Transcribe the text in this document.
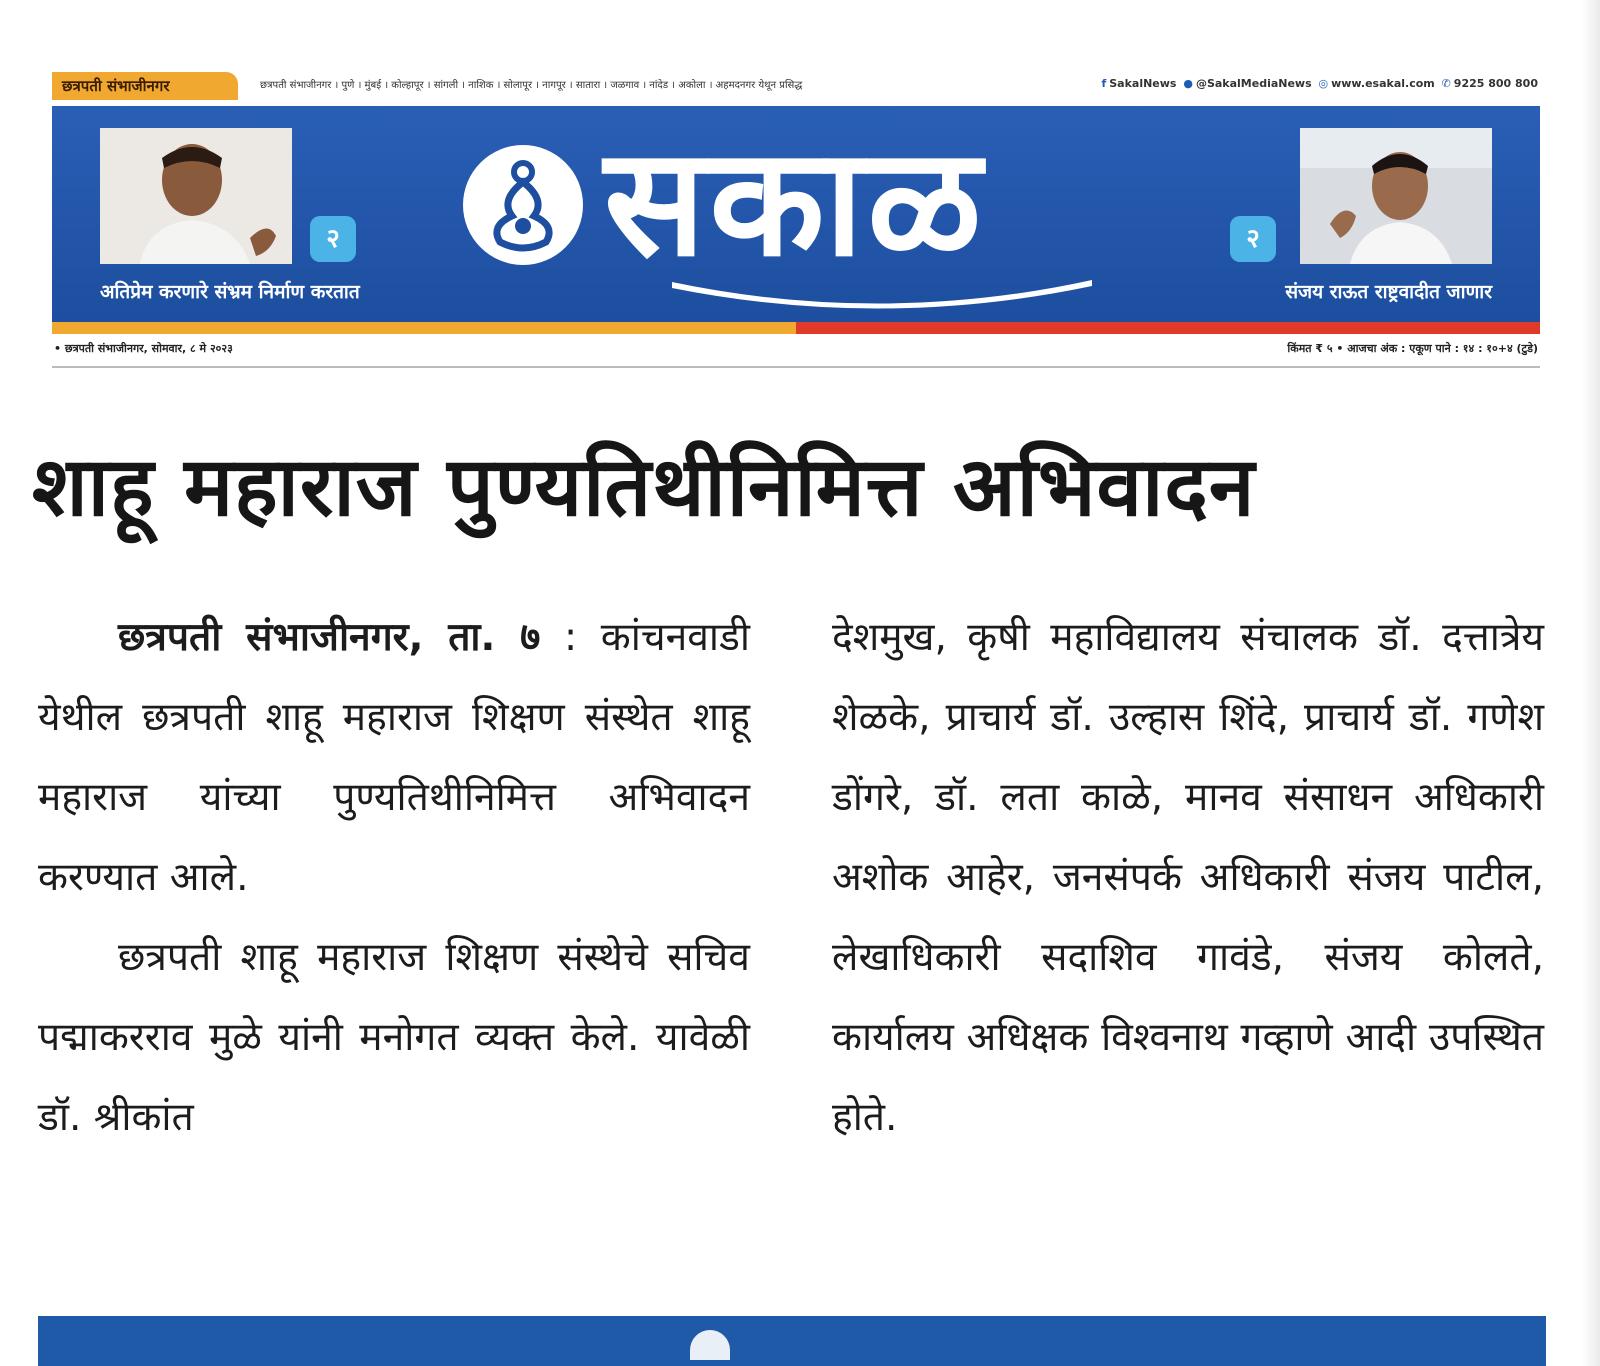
छत्रपती संभाजीनगर	छत्रपती संभाजीनगर । पुणे । मुंबई । कोल्हापूर । सांगली । नाशिक । सोलापूर । नागपूर । सातारा । जळगाव । नांदेड । अकोला । अहमदनगर येथून प्रसिद्ध	f SakalNews ● @SakalMediaNews ◎ www.esakal.com ✆ 9225 800 800
२
अतिप्रेम करणारे संभ्रम निर्माण करतात
सकाळ	२
संजय राऊत राष्ट्रवादीत जाणार
• छत्रपती संभाजीनगर, सोमवार, ८ मे २०२३	किंमत ₹ ५ • आजचा अंक : एकूण पाने : १४ : १०+४ (टुडे)
शाहू महाराज पुण्यतिथीनिमित्त अभिवादन

छत्रपती संभाजीनगर, ता. ७ : कांचनवाडी येथील छत्रपती शाहू महाराज शिक्षण संस्थेत शाहू महाराज यांच्या पुण्यतिथीनिमित्त अभिवादन करण्यात आले.

छत्रपती शाहू महाराज शिक्षण संस्थेचे सचिव पद्माकरराव मुळे यांनी मनोगत व्यक्त केले. यावेळी डॉ. श्रीकांत

देशमुख, कृषी महाविद्यालय संचालक डॉ. दत्तात्रेय शेळके, प्राचार्य डॉ. उल्हास शिंदे, प्राचार्य डॉ. गणेश डोंगरे, डॉ. लता काळे, मानव संसाधन अधिकारी अशोक आहेर, जनसंपर्क अधिकारी संजय पाटील, लेखाधिकारी सदाशिव गावंडे, संजय कोलते, कार्यालय अधिक्षक विश्वनाथ गव्हाणे आदी उपस्थित होते.
